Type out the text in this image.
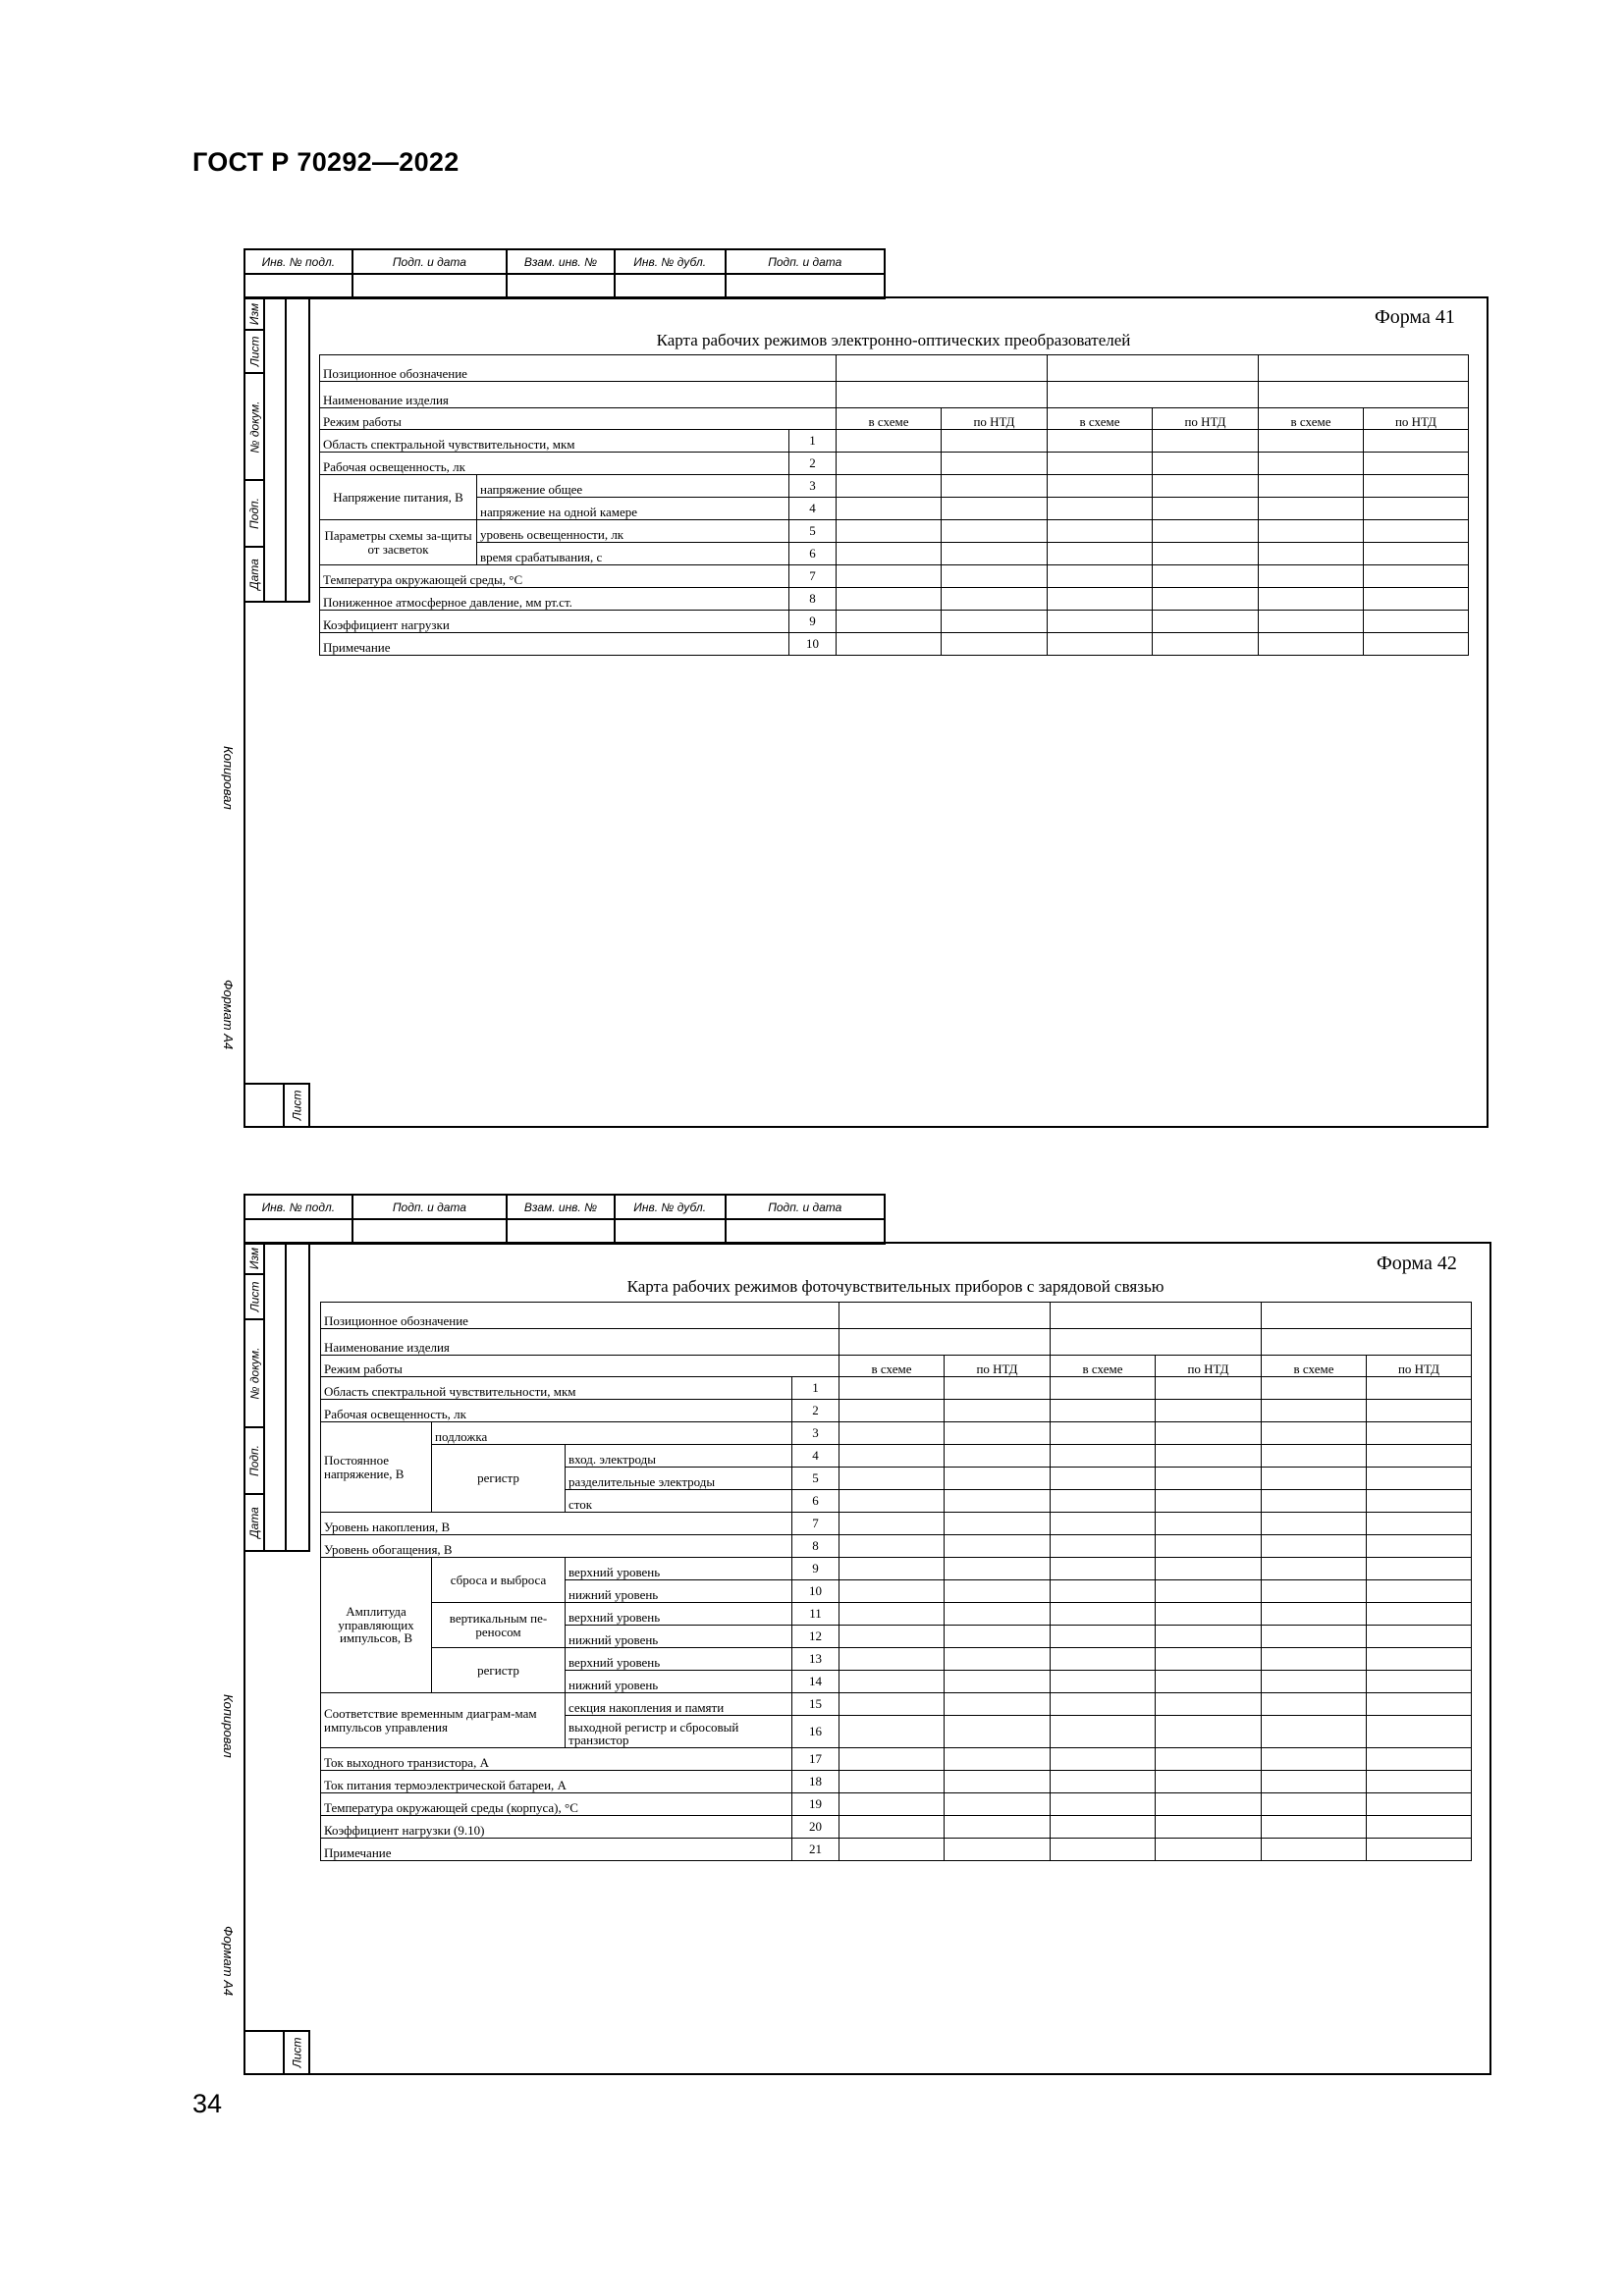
ГОСТ Р 70292—2022
Инв. № подл.	Подп. и дата	Взам. инв. №	Инв. № дубл.	Подп. и дата

Изм
Лист
№ докум.
Подп.
Дата
Лист
Копировал
Формат А4
Форма 41
Карта рабочих режимов электронно-оптических преобразователей
Позиционное обозначение								
Наименование изделия								
Режим работы			в схеме	по НТД	в схеме	по НТД	в схеме	по НТД
Область спектральной чувствительности, мкм		1						
Рабочая освещенность, лк		2						
Напряжение питания, В	напряжение общее	3						
	напряжение на одной камере	4						
Параметры схемы за-щиты от засветок	уровень освещенности, лк	5						
	время срабатывания, с	6						
Температура окружающей среды, °С		7						
Пониженное атмосферное давление, мм рт.ст.		8						
Коэффициент нагрузки		9						
Примечание		10						
Инв. № подл.	Подп. и дата	Взам. инв. №	Инв. № дубл.	Подп. и дата

Изм
Лист
№ докум.
Подп.
Дата
Лист
Копировал
Формат А4
Форма 42
Карта рабочих режимов фоточувствительных приборов с зарядовой связью
Позиционное обозначение									
Наименование изделия									
Режим работы				в схеме	по НТД	в схеме	по НТД	в схеме	по НТД
Область спектральной чувствительности, мкм			1						
Рабочая освещенность, лк			2						
Постоянное напряжение, В	подложка		3						
	регистр	вход. электроды	4						
		разделительные электроды	5						
		сток	6						
Уровень накопления, В			7						
Уровень обогащения, В			8						
Амплитуда управляющих импульсов, В	сброса и выброса	верхний уровень	9						
		нижний уровень	10						
	вертикальным пе-реносом	верхний уровень	11						
		нижний уровень	12						
	регистр	верхний уровень	13						
		нижний уровень	14						
Соответствие временным диаграм-мам импульсов управления		секция накопления и памяти	15						
		выходной регистр и сбросовый транзистор	16						
Ток выходного транзистора, А			17						
Ток питания термоэлектрической батареи, А			18						
Температура окружающей среды (корпуса), °С			19						
Коэффициент нагрузки (9.10)			20						
Примечание			21						
34
